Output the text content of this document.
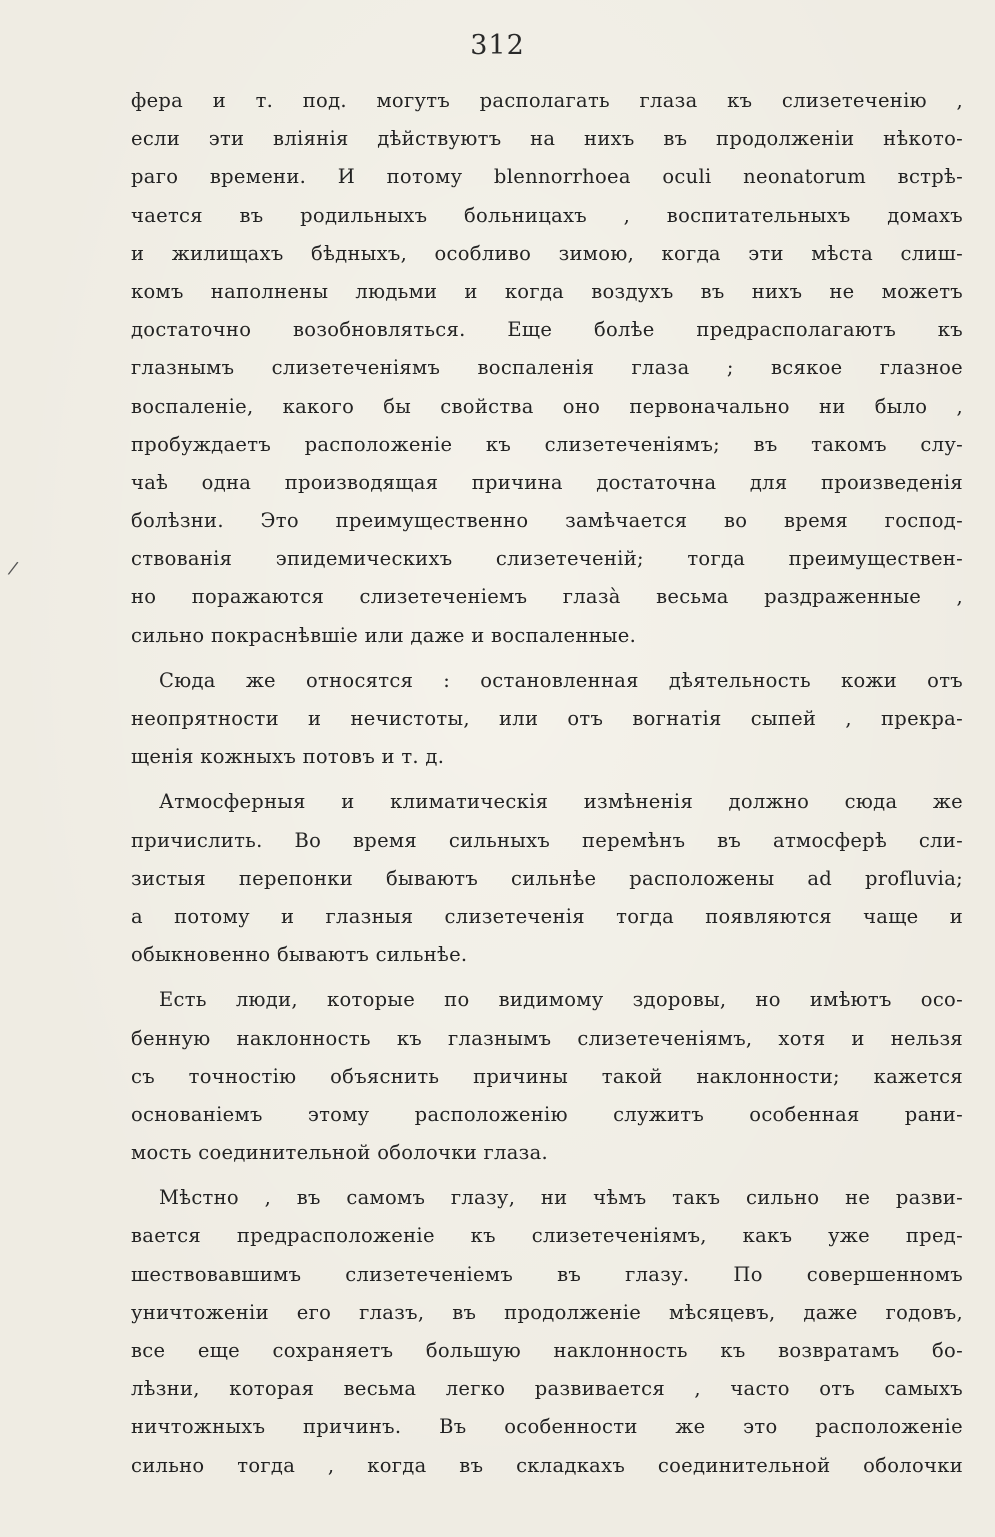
312
/
фера и т. под. могутъ располагать глаза къ слизетеченію ,
если эти вліянія дѣйствуютъ на нихъ въ продолженіи нѣкото-
раго времени. И потому blennorrhoea oculi neonatorum встрѣ-
чается въ родильныхъ больницахъ , воспитательныхъ домахъ
и жилищахъ бѣдныхъ, особливо зимою, когда эти мѣста слиш-
комъ наполнены людьми и когда воздухъ въ нихъ не можетъ
достаточно возобновляться. Еще болѣе предрасполагаютъ къ
глазнымъ слизетеченіямъ воспаленія глаза ; всякое глазное
воспаленіе, какого бы свойства оно первоначально ни было ,
пробуждаетъ расположеніе къ слизетеченіямъ; въ такомъ слу-
чаѣ одна производящая причина достаточна для произведенія
болѣзни. Это преимущественно замѣчается во время господ-
ствованія эпидемическихъ слизетеченій; тогда преимуществен-
но поражаются слизетеченіемъ глазà весьма раздраженные ,
сильно покраснѣвшіе или даже и воспаленные.
Сюда же относятся : остановленная дѣятельность кожи отъ
неопрятности и нечистоты, или отъ вогнатія сыпей , прекра-
щенія кожныхъ потовъ и т. д.
Атмосферныя и климатическія измѣненія должно сюда же
причислить. Во время сильныхъ перемѣнъ въ атмосферѣ сли-
зистыя перепонки бываютъ сильнѣе расположены ad profluvia;
а потому и глазныя слизетеченія тогда появляются чаще и
обыкновенно бываютъ сильнѣе.
Есть люди, которые по видимому здоровы, но имѣютъ осо-
бенную наклонность къ глазнымъ слизетеченіямъ, хотя и нельзя
съ точностію объяснить причины такой наклонности; кажется
основаніемъ этому расположенію служитъ особенная рани-
мость соединительной оболочки глаза.
Мѣстно , въ самомъ глазу, ни чѣмъ такъ сильно не разви-
вается предрасположеніе къ слизетеченіямъ, какъ уже пред-
шествовавшимъ слизетеченіемъ въ глазу. По совершенномъ
уничтоженіи его глазъ, въ продолженіе мѣсяцевъ, даже годовъ,
все еще сохраняетъ большую наклонность къ возвратамъ бо-
лѣзни, которая весьма легко развивается , часто отъ самыхъ
ничтожныхъ причинъ. Въ особенности же это расположеніе
сильно тогда , когда въ складкахъ соединительной оболочки
